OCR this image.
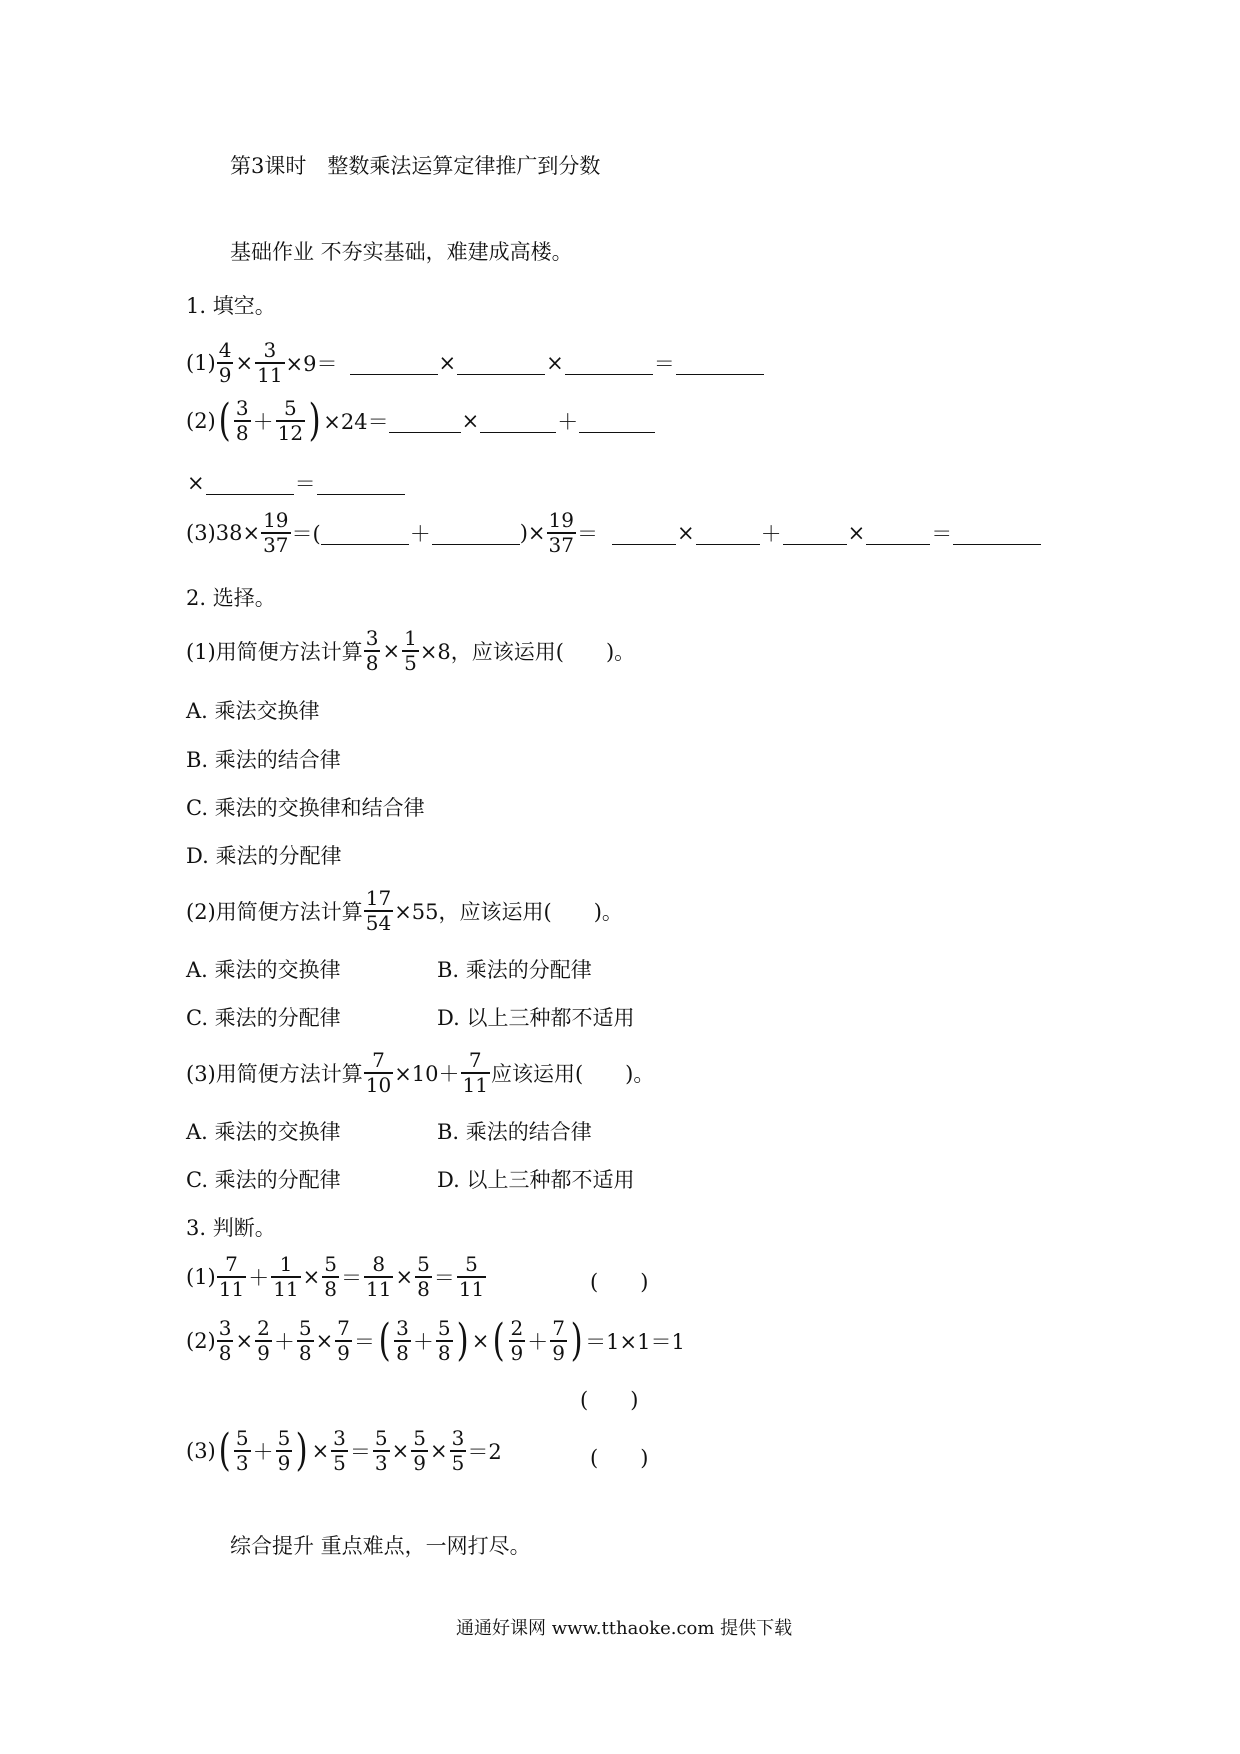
第3课时　整数乘法运算定律推广到分数
基础作业 不夯实基础，难建成高楼。
1. 填空。
$(1) \frac{4}{9} \times \frac{3}{11} \times 9=$	×	×	＝
(2) ( $\frac{3}{8} + \frac{5}{12}$ ) ×24＝	×	＋
×	＝
(3) $38\times \frac{19}{37}$ ＝(	＋	)× $\frac{19}{37}$ ＝	×	＋	×	＝
2. 选择。
(1)用简便方法计算 $\frac{3}{8} \times \frac{1}{5} \times 8$，应该运用(　　)。
A. 乘法交换律
B. 乘法的结合律
C. 乘法的交换律和结合律
D. 乘法的分配律
(2)用简便方法计算 $\frac{17}{54} \times 55$，应该运用(　　)。
A. 乘法的交换律	B. 乘法的分配律
C. 乘法的分配律	D. 以上三种都不适用
(3)用简便方法计算 $\frac{7}{10} \times 10+ \frac{7}{11}$ 应该运用(　　)。
A. 乘法的交换律	B. 乘法的结合律
C. 乘法的分配律	D. 以上三种都不适用
3. 判断。
$(1) \frac{7}{11} + \frac{1}{11} \times \frac{5}{8} = \frac{8}{11} \times \frac{5}{8} = \frac{5}{11}$	(　　)
$(2) \frac{3}{8} \times \frac{2}{9} + \frac{5}{8} \times \frac{7}{9}$ ＝ ( $\frac{3}{8} + \frac{5}{8}$ ) × ( $\frac{2}{9} + \frac{7}{9}$ ) ＝1×1＝1
(　　)
(3) ( $\frac{5}{3} + \frac{5}{9}$ ) × $\frac{3}{5} = \frac{5}{3} \times \frac{5}{9} \times \frac{3}{5} =2$	(　　)
综合提升 重点难点，一网打尽。
通通好课网 www.tthaoke.com 提供下载
